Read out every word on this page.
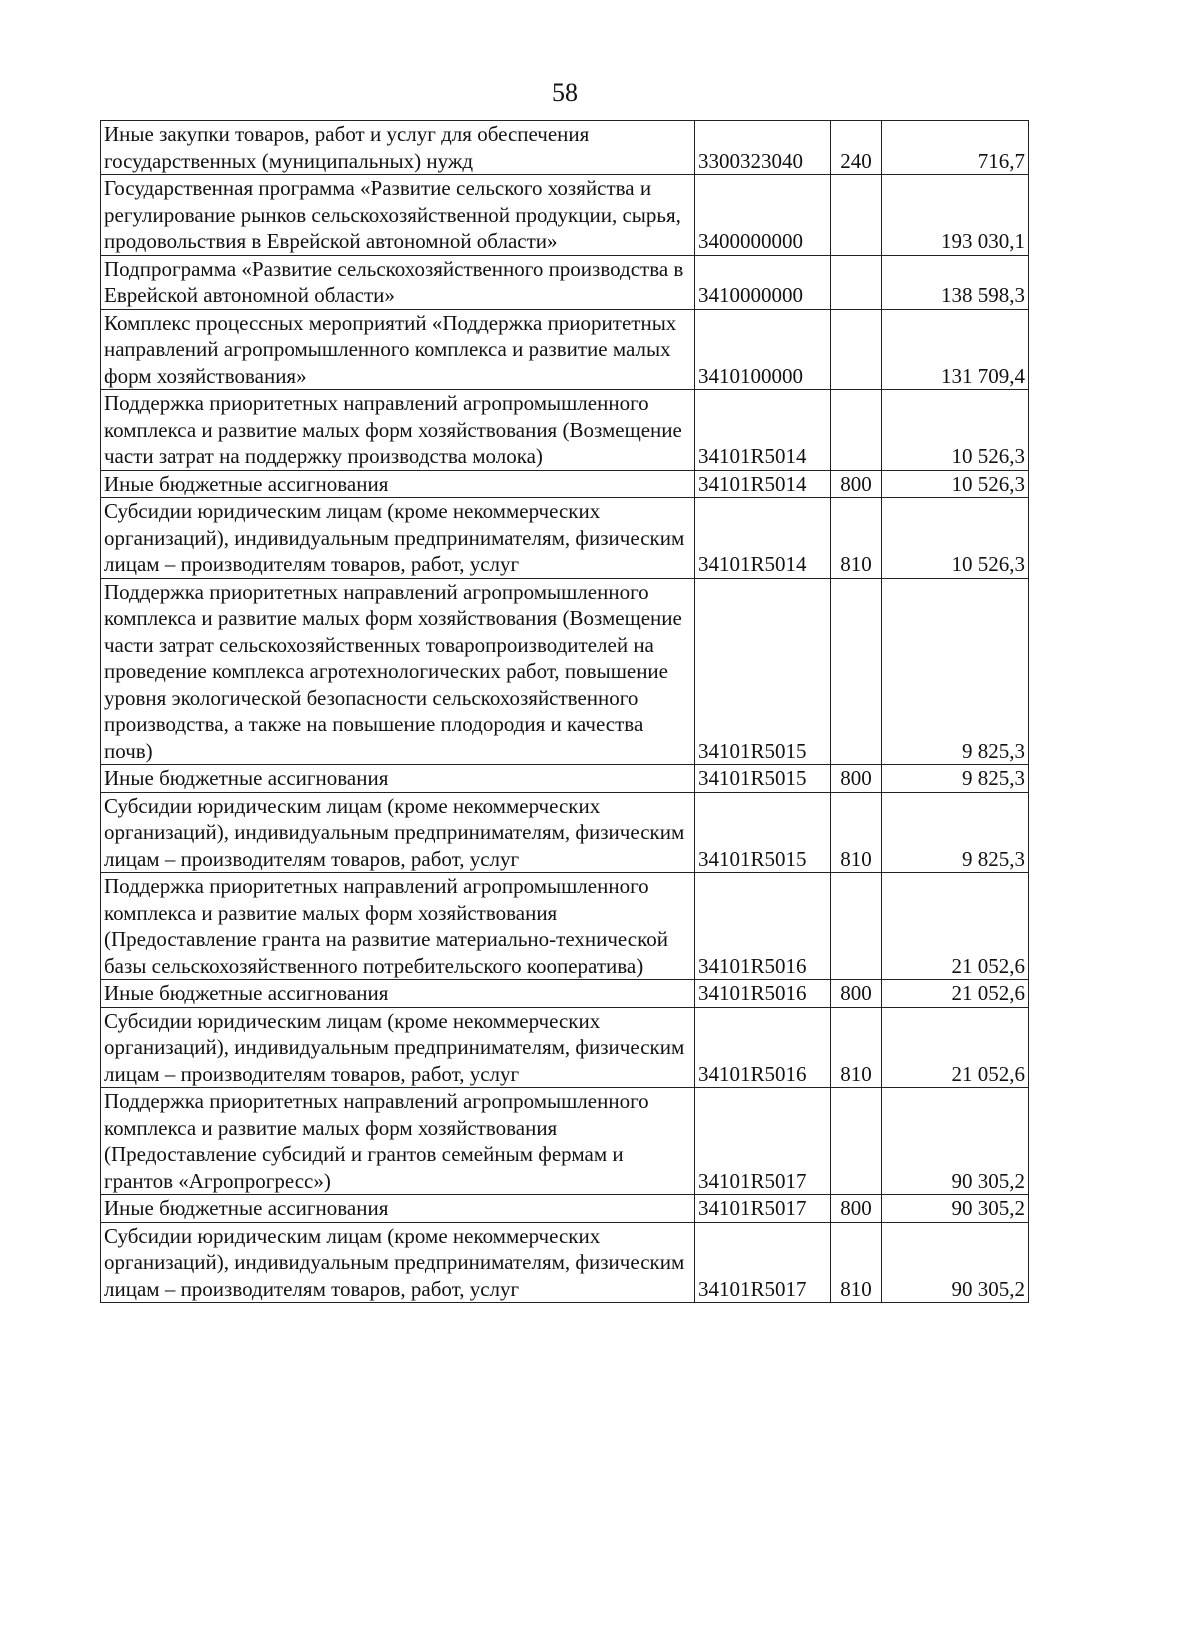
58
Иные закупки товаров, работ и услуг для обеспечения государственных (муниципальных) нужд	3300323040	240	716,7
Государственная программа «Развитие сельского хозяйства и регулирование рынков сельскохозяйственной продукции, сырья, продовольствия в Еврейской автономной области»	3400000000		193 030,1
Подпрограмма «Развитие сельскохозяйственного производства в Еврейской автономной области»	3410000000		138 598,3
Комплекс процессных мероприятий «Поддержка приоритетных направлений агропромышленного комплекса и развитие малых форм хозяйствования»	3410100000		131 709,4
Поддержка приоритетных направлений агропромышленного комплекса и развитие малых форм хозяйствования (Возмещение части затрат на поддержку производства молока)	34101R5014		10 526,3
Иные бюджетные ассигнования	34101R5014	800	10 526,3
Субсидии юридическим лицам (кроме некоммерческих организаций), индивидуальным предпринимателям, физическим лицам – производителям товаров, работ, услуг	34101R5014	810	10 526,3
Поддержка приоритетных направлений агропромышленного комплекса и развитие малых форм хозяйствования (Возмещение части затрат сельскохозяйственных товаропроизводителей на проведение комплекса агротехнологических работ, повышение уровня экологической безопасности сельскохозяйственного производства, а также на повышение плодородия и качества почв)	34101R5015		9 825,3
Иные бюджетные ассигнования	34101R5015	800	9 825,3
Субсидии юридическим лицам (кроме некоммерческих организаций), индивидуальным предпринимателям, физическим лицам – производителям товаров, работ, услуг	34101R5015	810	9 825,3
Поддержка приоритетных направлений агропромышленного комплекса и развитие малых форм хозяйствования (Предоставление гранта на развитие материально-технической базы сельскохозяйственного потребительского кооператива)	34101R5016		21 052,6
Иные бюджетные ассигнования	34101R5016	800	21 052,6
Субсидии юридическим лицам (кроме некоммерческих организаций), индивидуальным предпринимателям, физическим лицам – производителям товаров, работ, услуг	34101R5016	810	21 052,6
Поддержка приоритетных направлений агропромышленного комплекса и развитие малых форм хозяйствования (Предоставление субсидий и грантов семейным фермам и грантов «Агропрогресс»)	34101R5017		90 305,2
Иные бюджетные ассигнования	34101R5017	800	90 305,2
Субсидии юридическим лицам (кроме некоммерческих организаций), индивидуальным предпринимателям, физическим лицам – производителям товаров, работ, услуг	34101R5017	810	90 305,2
